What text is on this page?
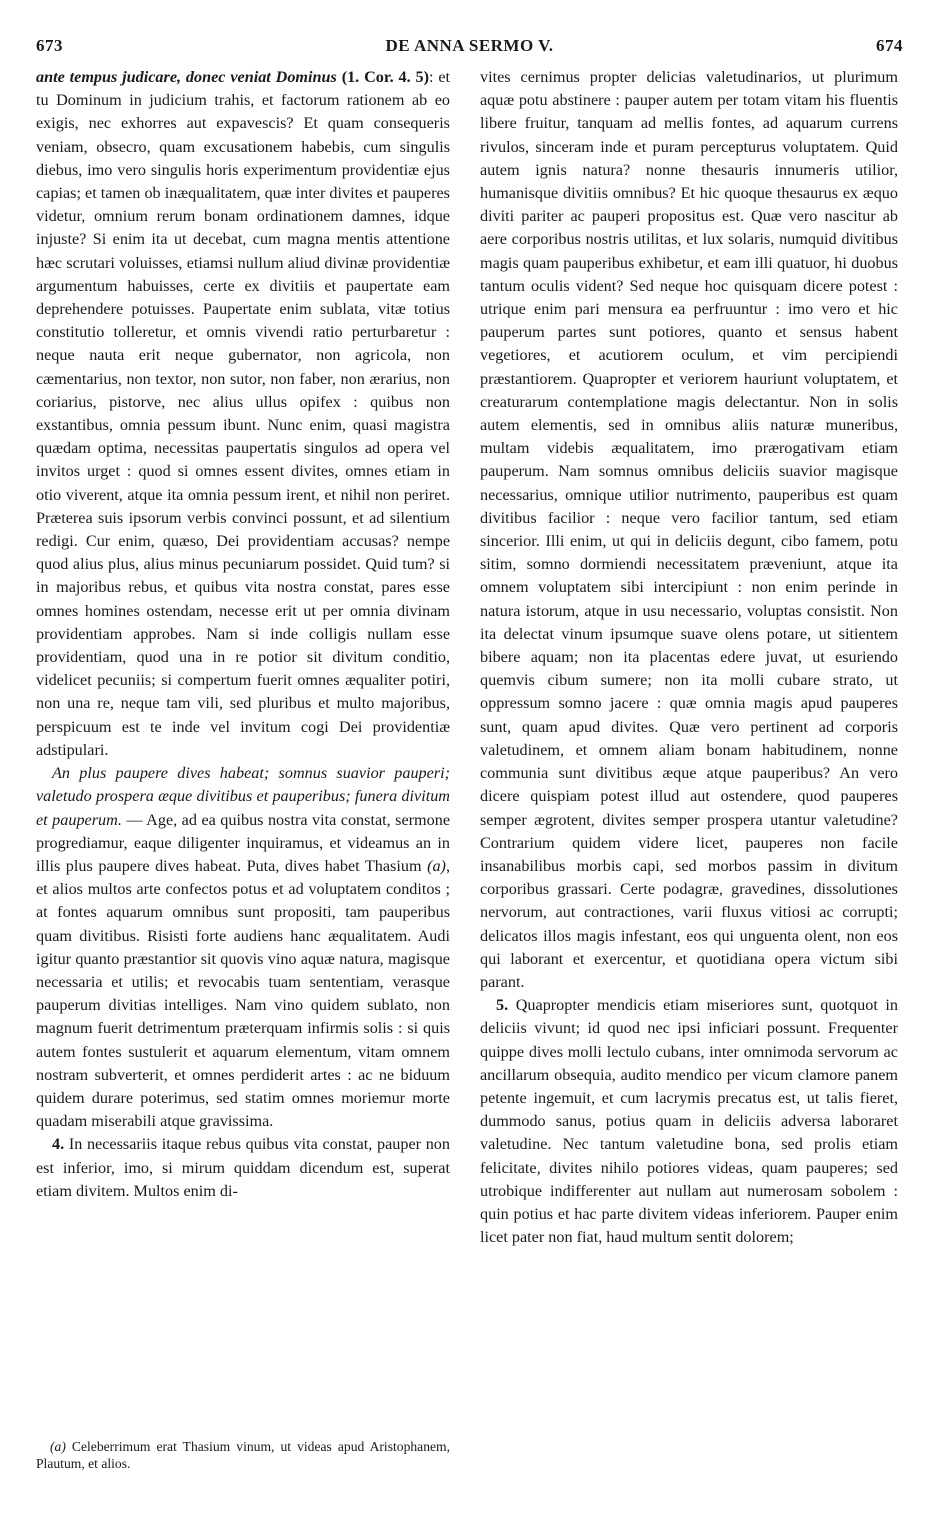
673	DE ANNA SERMO V.	674

ante tempus judicare, donec veniat Dominus (1. Cor. 4. 5): et tu Dominum in judicium trahis, et factorum rationem ab eo exigis, nec exhorres aut expavescis? Et quam consequeris veniam, obsecro, quam excusationem habebis, cum singulis diebus, imo vero singulis horis experimentum providentiæ ejus capias; et tamen ob inæqualitatem, quæ inter divites et pauperes videtur, omnium rerum bonam ordinationem damnes, idque injuste? Si enim ita ut decebat, cum magna mentis attentione hæc scrutari voluisses, etiamsi nullum aliud divinæ providentiæ argumentum habuisses, certe ex divitiis et paupertate eam deprehendere potuisses. Paupertate enim sublata, vitæ totius constitutio tolleretur, et omnis vivendi ratio perturbaretur : neque nauta erit neque gubernator, non agricola, non cæmentarius, non textor, non sutor, non faber, non ærarius, non coriarius, pistorve, nec alius ullus opifex : quibus non exstantibus, omnia pessum ibunt. Nunc enim, quasi magistra quædam optima, necessitas paupertatis singulos ad opera vel invitos urget : quod si omnes essent divites, omnes etiam in otio viverent, atque ita omnia pessum irent, et nihil non periret. Præterea suis ipsorum verbis convinci possunt, et ad silentium redigi. Cur enim, quæso, Dei providentiam accusas? nempe quod alius plus, alius minus pecuniarum possidet. Quid tum? si in majoribus rebus, et quibus vita nostra constat, pares esse omnes homines ostendam, necesse erit ut per omnia divinam providentiam approbes. Nam si inde colligis nullam esse providentiam, quod una in re potior sit divitum conditio, videlicet pecuniis; si compertum fuerit omnes æqualiter potiri, non una re, neque tam vili, sed pluribus et multo majoribus, perspicuum est te inde vel invitum cogi Dei providentiæ adstipulari.

An plus paupere dives habeat; somnus suavior pauperi; valetudo prospera æque divitibus et pauperibus; funera divitum et pauperum. — Age, ad ea quibus nostra vita constat, sermone progrediamur, eaque diligenter inquiramus, et videamus an in illis plus paupere dives habeat. Puta, dives habet Thasium (a), et alios multos arte confectos potus et ad voluptatem conditos ; at fontes aquarum omnibus sunt propositi, tam pauperibus quam divitibus. Risisti forte audiens hanc æqualitatem. Audi igitur quanto præstantior sit quovis vino aquæ natura, magisque necessaria et utilis; et revocabis tuam sententiam, verasque pauperum divitias intelliges. Nam vino quidem sublato, non magnum fuerit detrimentum præterquam infirmis solis : si quis autem fontes sustulerit et aquarum elementum, vitam omnem nostram subverterit, et omnes perdiderit artes : ac ne biduum quidem durare poterimus, sed statim omnes moriemur morte quadam miserabili atque gravissima.

4. In necessariis itaque rebus quibus vita constat, pauper non est inferior, imo, si mirum quiddam dicendum est, superat etiam divitem. Multos enim di-

(a) Celeberrimum erat Thasium vinum, ut videas apud Aristophanem, Plautum, et alios.

vites cernimus propter delicias valetudinarios, ut plurimum aquæ potu abstinere : pauper autem per totam vitam his fluentis libere fruitur, tanquam ad mellis fontes, ad aquarum currens rivulos, sinceram inde et puram percepturus voluptatem. Quid autem ignis natura? nonne thesauris innumeris utilior, humanisque divitiis omnibus? Et hic quoque thesaurus ex æquo diviti pariter ac pauperi propositus est. Quæ vero nascitur ab aere corporibus nostris utilitas, et lux solaris, numquid divitibus magis quam pauperibus exhibetur, et eam illi quatuor, hi duobus tantum oculis vident? Sed neque hoc quisquam dicere potest : utrique enim pari mensura ea perfruuntur : imo vero et hic pauperum partes sunt potiores, quanto et sensus habent vegetiores, et acutiorem oculum, et vim percipiendi præstantiorem. Quapropter et veriorem hauriunt voluptatem, et creaturarum contemplatione magis delectantur. Non in solis autem elementis, sed in omnibus aliis naturæ muneribus, multam videbis æqualitatem, imo prærogativam etiam pauperum. Nam somnus omnibus deliciis suavior magisque necessarius, omnique utilior nutrimento, pauperibus est quam divitibus facilior : neque vero facilior tantum, sed etiam sincerior. Illi enim, ut qui in deliciis degunt, cibo famem, potu sitim, somno dormiendi necessitatem præveniunt, atque ita omnem voluptatem sibi intercipiunt : non enim perinde in natura istorum, atque in usu necessario, voluptas consistit. Non ita delectat vinum ipsumque suave olens potare, ut sitientem bibere aquam; non ita placentas edere juvat, ut esuriendo quemvis cibum sumere; non ita molli cubare strato, ut oppressum somno jacere : quæ omnia magis apud pauperes sunt, quam apud divites. Quæ vero pertinent ad corporis valetudinem, et omnem aliam bonam habitudinem, nonne communia sunt divitibus æque atque pauperibus? An vero dicere quispiam potest illud aut ostendere, quod pauperes semper ægrotent, divites semper prospera utantur valetudine? Contrarium quidem videre licet, pauperes non facile insanabilibus morbis capi, sed morbos passim in divitum corporibus grassari. Certe podagræ, gravedines, dissolutiones nervorum, aut contractiones, varii fluxus vitiosi ac corrupti; delicatos illos magis infestant, eos qui unguenta olent, non eos qui laborant et exercentur, et quotidiana opera victum sibi parant.

5. Quapropter mendicis etiam miseriores sunt, quotquot in deliciis vivunt; id quod nec ipsi inficiari possunt. Frequenter quippe dives molli lectulo cubans, inter omnimoda servorum ac ancillarum obsequia, audito mendico per vicum clamore panem petente ingemuit, et cum lacrymis precatus est, ut talis fieret, dummodo sanus, potius quam in deliciis adversa laboraret valetudine. Nec tantum valetudine bona, sed prolis etiam felicitate, divites nihilo potiores videas, quam pauperes; sed utrobique indifferenter aut nullam aut numerosam sobolem : quin potius et hac parte divitem videas inferiorem. Pauper enim licet pater non fiat, haud multum sentit dolorem;
